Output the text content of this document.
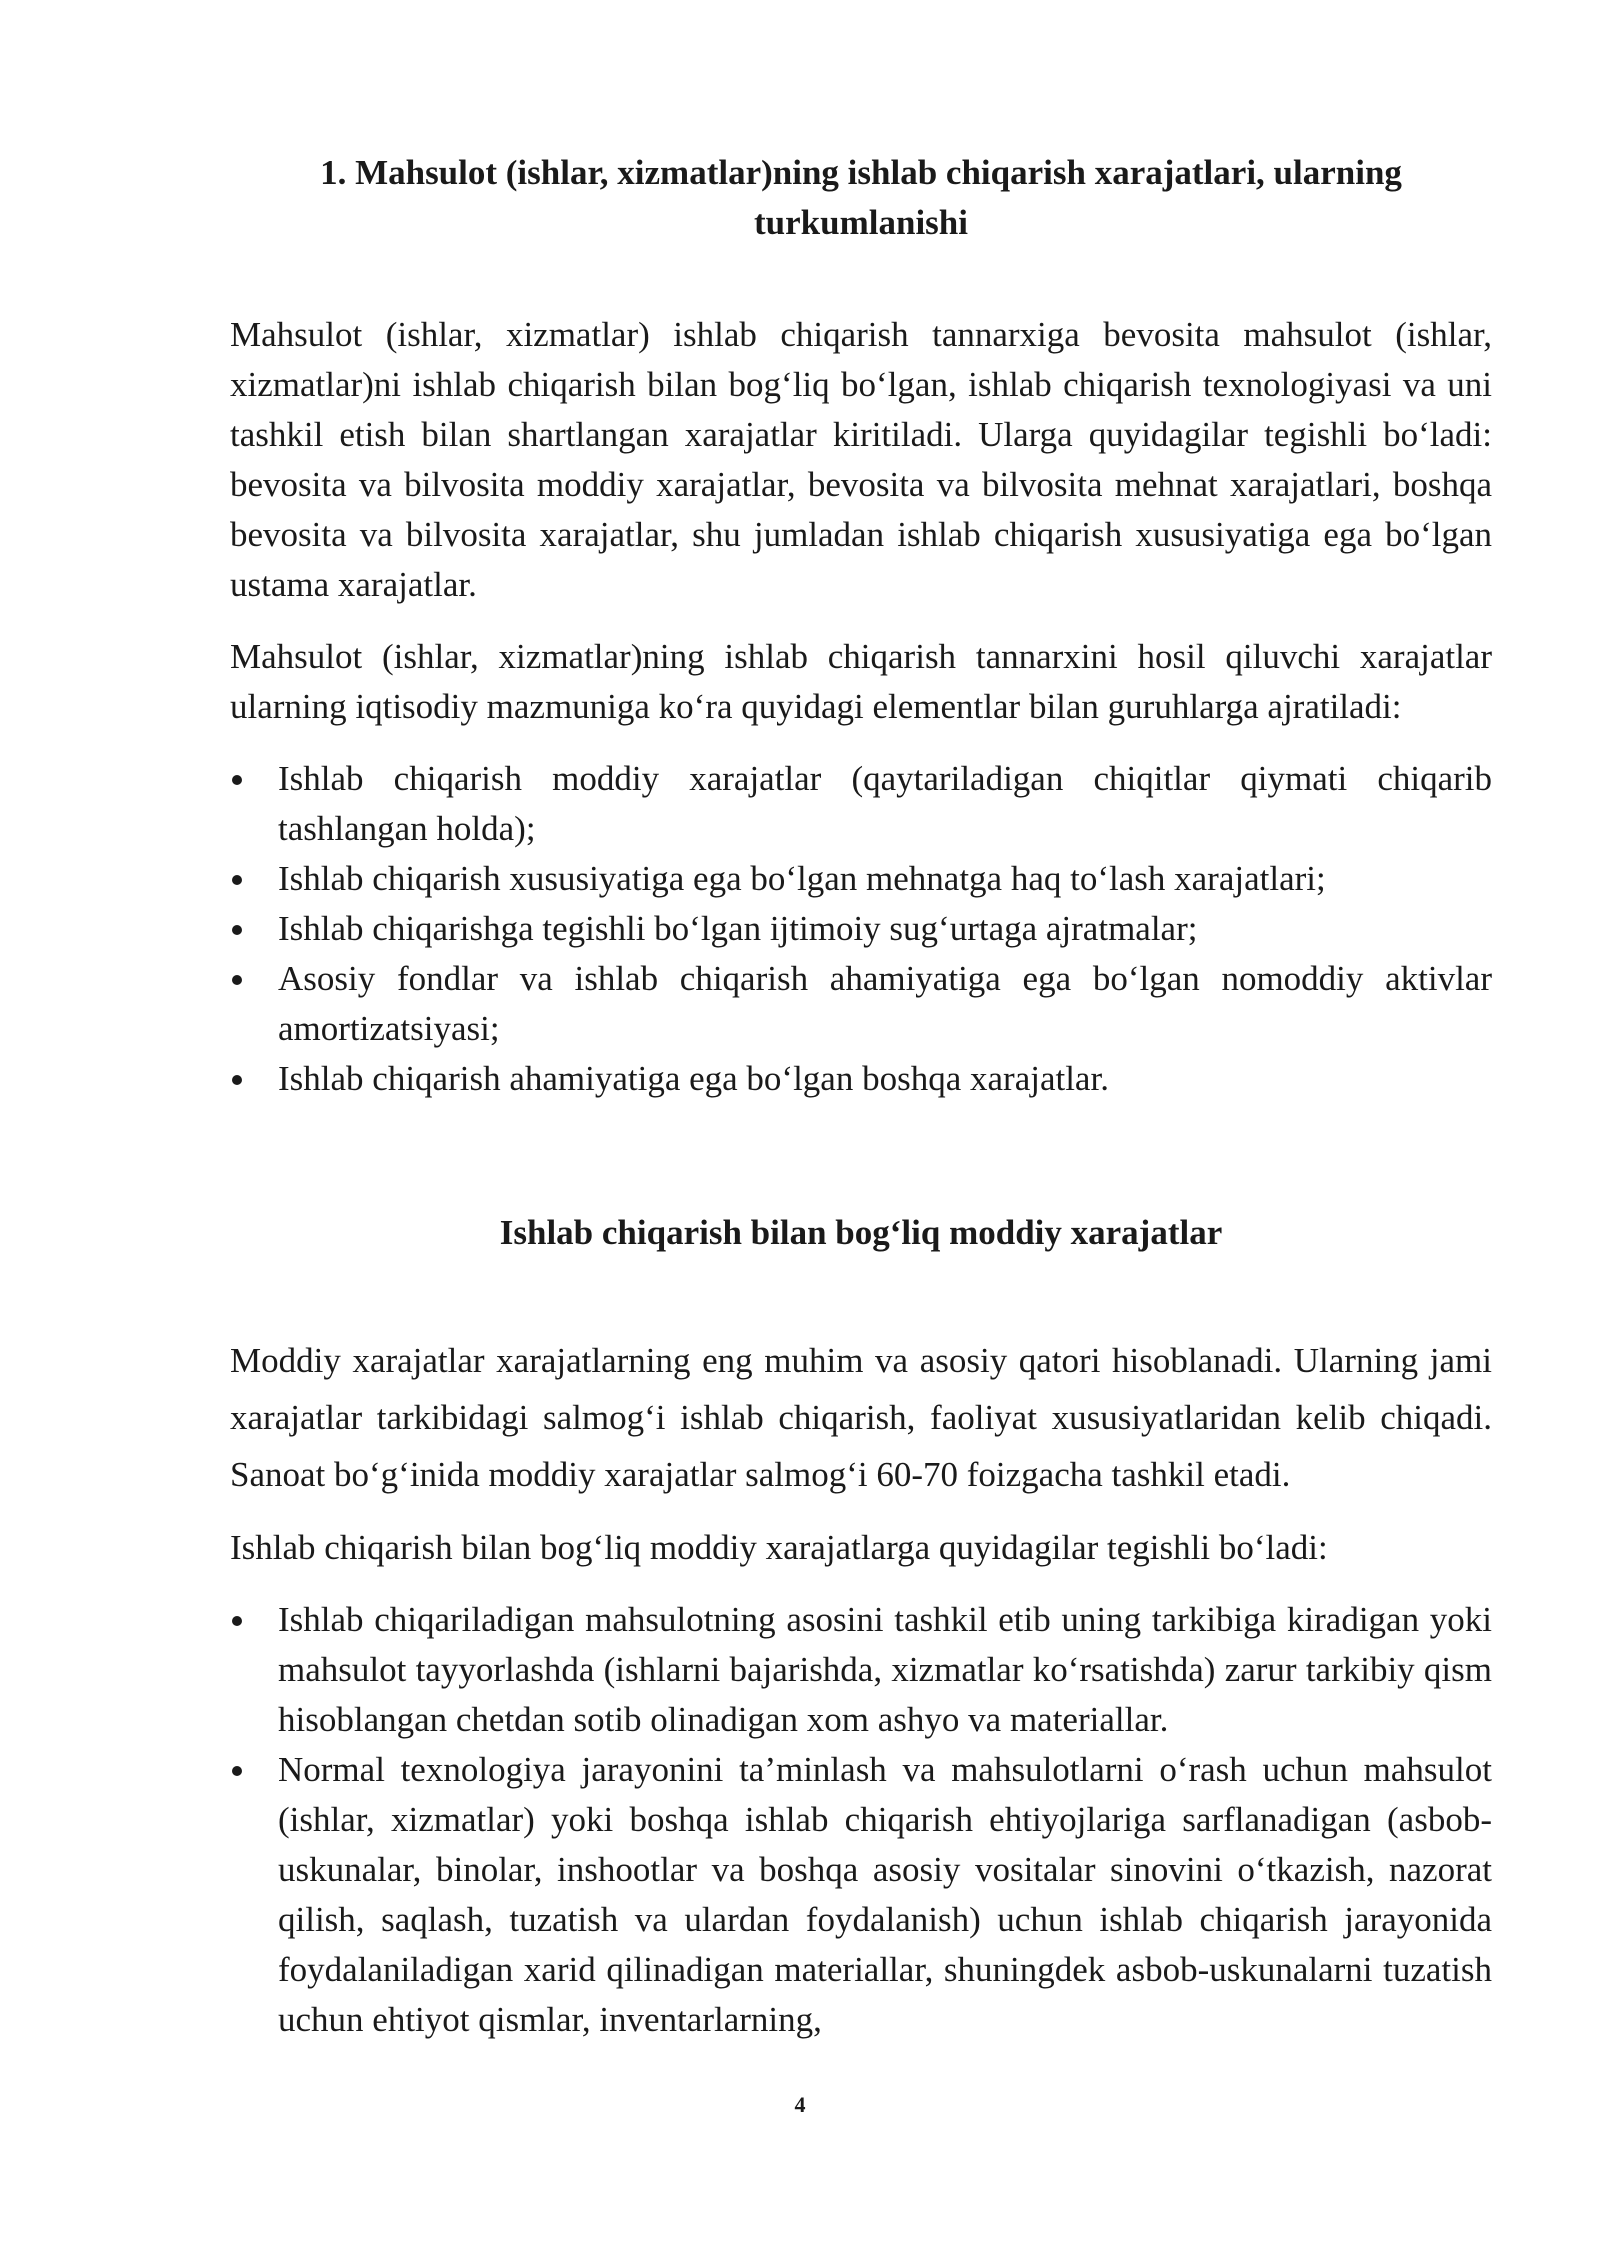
1. Mahsulot (ishlar, xizmatlar)ning ishlab chiqarish xarajatlari, ularning turkumlanishi

Mahsulot (ishlar, xizmatlar) ishlab chiqarish tannarxiga bevosita mahsulot (ishlar, xizmatlar)ni ishlab chiqarish bilan bog‘liq bo‘lgan, ishlab chiqarish texnologiyasi va uni tashkil etish bilan shartlangan xarajatlar kiritiladi. Ularga quyidagilar tegishli bo‘ladi: bevosita va bilvosita moddiy xarajatlar, bevosita va bilvosita mehnat xarajatlari, boshqa bevosita va bilvosita xarajatlar, shu jumladan ishlab chiqarish xususiyatiga ega bo‘lgan ustama xarajatlar.

Mahsulot (ishlar, xizmatlar)ning ishlab chiqarish tannarxini hosil qiluvchi xarajatlar ularning iqtisodiy mazmuniga ko‘ra quyidagi elementlar bilan guruhlarga ajratiladi:

Ishlab chiqarish moddiy xarajatlar (qaytariladigan chiqitlar qiymati chiqarib tashlangan holda);
Ishlab chiqarish xususiyatiga ega bo‘lgan mehnatga haq to‘lash xarajatlari;
Ishlab chiqarishga tegishli bo‘lgan ijtimoiy sug‘urtaga ajratmalar;
Asosiy fondlar va ishlab chiqarish ahamiyatiga ega bo‘lgan nomoddiy aktivlar amortizatsiyasi;
Ishlab chiqarish ahamiyatiga ega bo‘lgan boshqa xarajatlar.
Ishlab chiqarish bilan bog‘liq moddiy xarajatlar

Moddiy xarajatlar xarajatlarning eng muhim va asosiy qatori hisoblanadi. Ularning jami xarajatlar tarkibidagi salmog‘i ishlab chiqarish, faoliyat xususiyatlaridan kelib chiqadi. Sanoat bo‘g‘inida moddiy xarajatlar salmog‘i 60-70 foizgacha tashkil etadi.

Ishlab chiqarish bilan bog‘liq moddiy xarajatlarga quyidagilar tegishli bo‘ladi:

Ishlab chiqariladigan mahsulotning asosini tashkil etib uning tarkibiga kiradigan yoki mahsulot tayyorlashda (ishlarni bajarishda, xizmatlar ko‘rsatishda) zarur tarkibiy qism hisoblangan chetdan sotib olinadigan xom ashyo va materiallar.
Normal texnologiya jarayonini ta’minlash va mahsulotlarni o‘rash uchun mahsulot (ishlar, xizmatlar) yoki boshqa ishlab chiqarish ehtiyojlariga sarflanadigan (asbob-uskunalar, binolar, inshootlar va boshqa asosiy vositalar sinovini o‘tkazish, nazorat qilish, saqlash, tuzatish va ulardan foydalanish) uchun ishlab chiqarish jarayonida foydalaniladigan xarid qilinadigan materiallar, shuningdek asbob-uskunalarni tuzatish uchun ehtiyot qismlar, inventarlarning,
4
